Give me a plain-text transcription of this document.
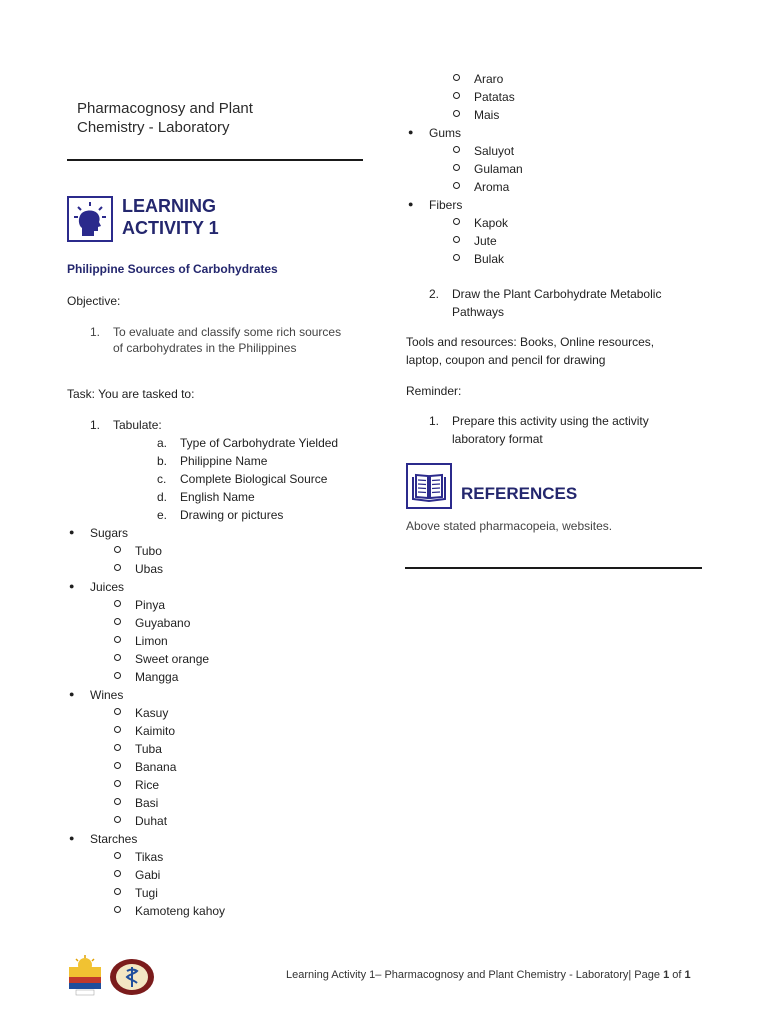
Pharmacognosy and Plant
Chemistry - Laboratory
LEARNING
ACTIVITY 1
Philippine Sources of Carbohydrates
Objective:
1. To evaluate and classify some rich sources
of carbohydrates in the Philippines
Task: You are tasked to:
1. Tabulate:
a. Type of Carbohydrate Yielded
b. Philippine Name
c. Complete Biological Source
d. English Name
e. Drawing or pictures
● Sugars
Tubo
Ubas
● Juices
Pinya
Guyabano
Limon
Sweet orange
Mangga
● Wines
Kasuy
Kaimito
Tuba
Banana
Rice
Basi
Duhat
● Starches
Tikas
Gabi
Tugi
Kamoteng kahoy
Araro
Patatas
Mais
● Gums
Saluyot
Gulaman
Aroma
● Fibers
Kapok
Jute
Bulak
2. Draw the Plant Carbohydrate Metabolic
Pathways
Tools and resources: Books, Online resources,
laptop, coupon and pencil for drawing
Reminder:
1. Prepare this activity using the activity
laboratory format
REFERENCES
Above stated pharmacopeia, websites.
Learning Activity 1– Pharmacognosy and Plant Chemistry - Laboratory| Page 1 of 1
